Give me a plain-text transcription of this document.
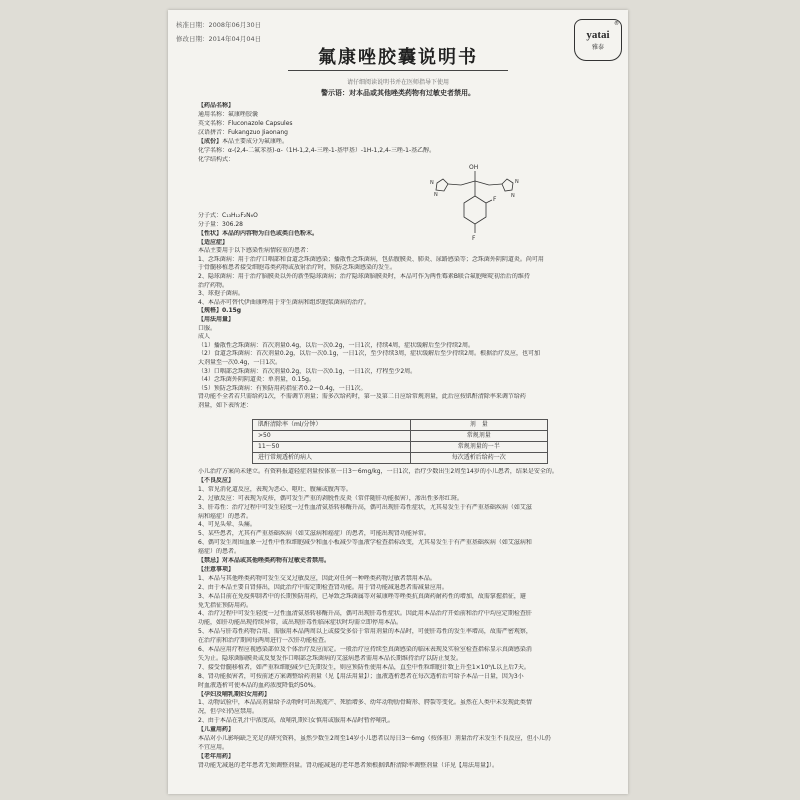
核准日期：2008年06月30日
修改日期：2014年04月04日
®
yatai
雅泰
氟康唑胶囊说明书
请仔细阅读说明书并在医师指导下使用
警示语：对本品或其他唑类药物有过敏史者禁用。
【药品名称】
通用名称：氟康唑胶囊
英文名称：Fluconazole Capsules
汉语拼音：Fukangzuo Jiaonang
【成份】本品主要成分为氟康唑。
化学名称：α-(2,4-二氟苯基)-α-（1H-1,2,4-三唑-1-基甲基）-1H-1,2,4-三唑-1-基乙醇。
化学结构式：
OH
N
N
N
N
F
F
分子式：C₁₃H₁₂F₂N₆O
分子量：306.28
【性状】本品的内容物为白色或类白色粉末。
【适应症】
本品主要用于以下感染性病情较重的患者：
1、念珠菌病：用于治疗口咽部和食道念珠菌感染；播散性念珠菌病，包括腹膜炎、肺炎、尿路感染等；念珠菌外阴阴道炎。尚可用
于骨髓移植患者接受细胞毒类药物或放射治疗时，预防念珠菌感染的发生。
2、隐球菌病：用于治疗脑膜炎以外的新型隐球菌病；治疗隐球菌脑膜炎时，本品可作为两性霉素B联合氟胞嘧啶初治后的维持
治疗药物。
3、球孢子菌病。
4、本品亦可替代伊曲康唑用于芽生菌病和组织胞浆菌病的治疗。
【规格】0.15g
【用法用量】
口服。
成人
（1）播散性念珠菌病：首次剂量0.4g，以后一次0.2g，一日1次，持续4周，症状缓解后至少持续2周。
（2）食道念珠菌病：首次剂量0.2g，以后一次0.1g，一日1次，至少持续3周，症状缓解后至少持续2周。根据治疗反应，也可加
大剂量至一次0.4g，一日1次。
（3）口咽部念珠菌病：首次剂量0.2g，以后一次0.1g，一日1次，疗程至少2周。
（4）念珠菌外阴阴道炎：单剂量，0.15g。
（5）预防念珠菌病：有预防用药指征者0.2～0.4g，一日1次。
肾功能不全者若只需给药1次，不需调节剂量；需多次给药时，第一及第二日应给常规剂量，此后应按肌酐清除率来调节给药
剂量，如下表所述：
肌酐清除率（ml/分钟）	剂　量
>50	常规剂量
11～50	常规剂量的一半
进行常规透析的病人	每次透析后给药一次
小儿治疗方案尚未建立。有资料报道轻症剂量按体重一日3～6mg/kg，一日1次，治疗少数出生2周至14岁的小儿患者，结果是安全的。
【不良反应】
1、常见消化道反应，表现为恶心、呕吐、腹痛或腹泻等。
2、过敏反应：可表现为皮疹，偶可发生严重的剥脱性皮炎（常伴随肝功能损害），渗出性多形红斑。
3、肝毒性：治疗过程中可发生轻度一过性血清氨基转移酶升高，偶可出现肝毒性症状，尤其易发生于有严重基础疾病（如艾滋
病和癌症）的患者。
4、可见头晕、头痛。
5、某些患者，尤其有严重基础疾病（如艾滋病和癌症）的患者，可能出现肾功能异常。
6、偶可发生周围血象一过性中性粒细胞减少和血小板减少等血液学检查指标改变，尤其易发生于有严重基础疾病（如艾滋病和
癌症）的患者。
【禁忌】对本品或其他唑类药物有过敏史者禁用。
【注意事项】
1、本品与其他唑类药物可发生交叉过敏反应，因此对任何一种唑类药物过敏者禁用本品。
2、由于本品主要自肾排出，因此治疗中需定期检查肾功能。用于肾功能减退患者需减量应用。
3、本品目前在免疫抑制者中的长期预防用药，已导致念珠菌属等对氟康唑等唑类抗真菌药耐药性的增加，故需掌握指征，避
免无指征预防用药。
4、治疗过程中可发生轻度一过性血清氨基转移酶升高，偶可出现肝毒性症状。因此用本品治疗开始前和治疗中均应定期检查肝
功能，如肝功能出现持续异常，或出现肝毒性临床症状时均需立即停用本品。
5、本品与肝毒性药物合用、需服用本品两周以上或接受多倍于常用剂量的本品时，可使肝毒性的发生率增高，故需严密观察，
在治疗前和治疗期间每两周进行一次肝功能检查。
6、本品应用疗程应视感染部位及个体治疗反应而定。一般治疗应持续至真菌感染的临床表现及实验室检查指标显示真菌感染消
失为止。隐球菌脑膜炎或反复发作口咽部念珠菌病的艾滋病患者需用本品长期维持治疗以防止复发。
7、接受骨髓移植者，如严重粒细胞减少已先期发生，则应预防性使用本品，直至中性粒细胞计数上升至1×10⁹/L以上后7天。
8、肾功能损害者，可按前述方案调整给药剂量（见【用法用量】）；血液透析患者在每次透析后可给予本品一日量，因为3小
时血液透析可使本品的血药浓度降低约50%。
【孕妇及哺乳期妇女用药】
1、动物试验中，本品高剂量给予动物时可出现流产、死胎增多、幼年动物肋骨畸形、腭裂等变化。虽然在人类中未发现此类情
况，但孕妇仍应禁用。
2、由于本品在乳汁中浓度高，故哺乳期妇女慎用或服用本品时暂停哺乳。
【儿童用药】
本品对小儿影响缺乏充足的研究资料，虽然少数生2周至14岁小儿患者以每日3～6mg（按体重）剂量治疗未发生不良反应，但小儿仍
不宜应用。
【老年用药】
肾功能无减退的老年患者无须调整剂量。肾功能减退的老年患者须根据肌酐清除率调整剂量（详见【用法用量】）。
